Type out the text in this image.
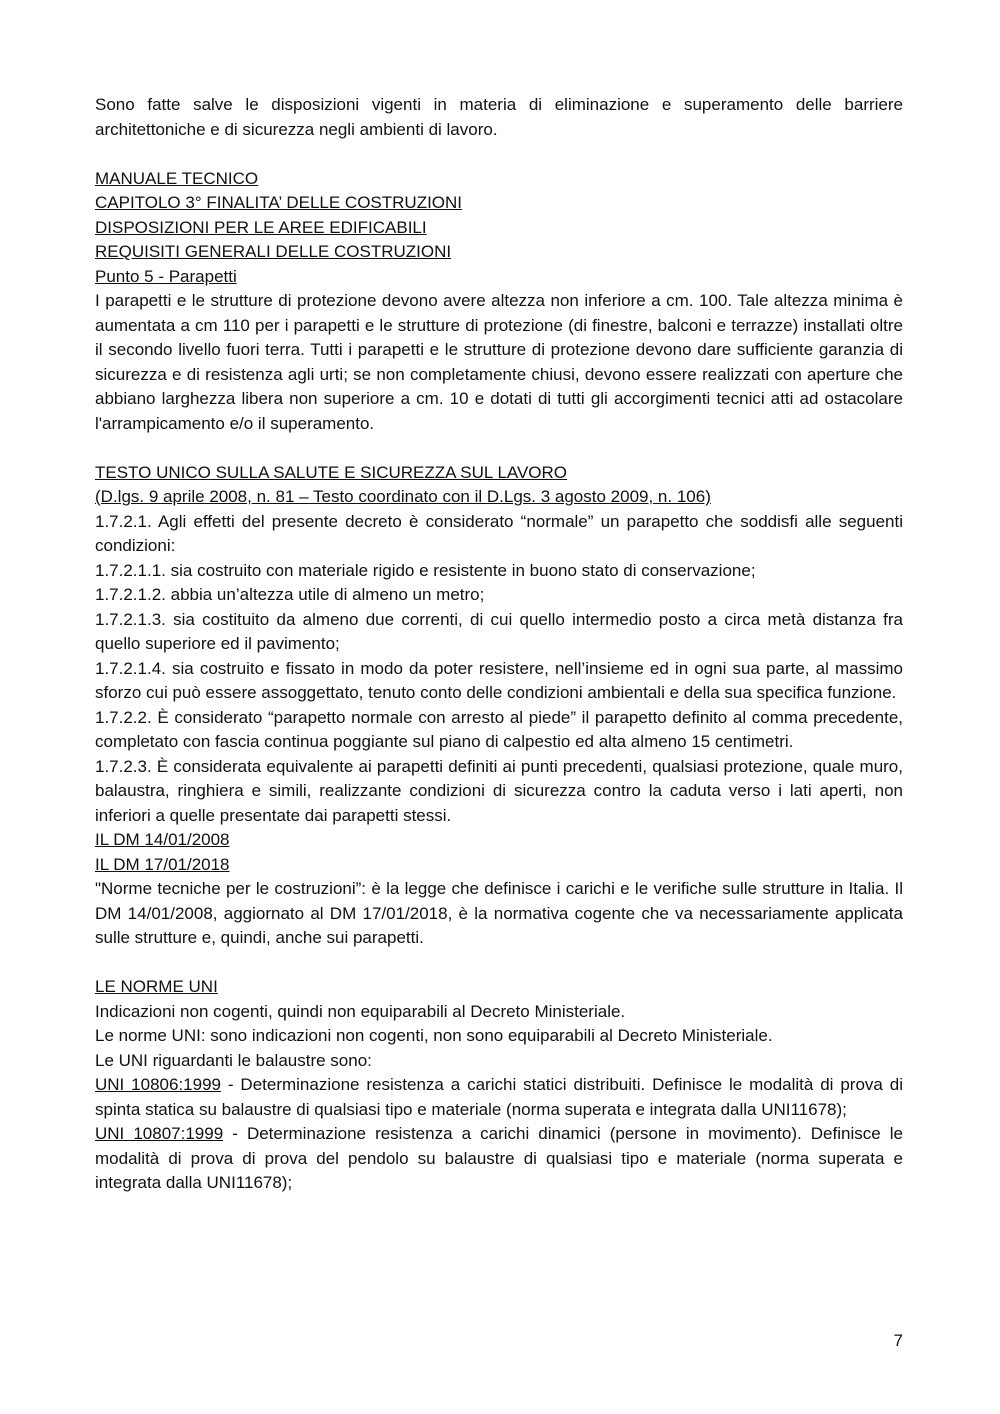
Sono fatte salve le disposizioni vigenti in materia di eliminazione e superamento delle barriere architettoniche e di sicurezza negli ambienti di lavoro.

MANUALE TECNICO

CAPITOLO 3° FINALITA’ DELLE COSTRUZIONI

DISPOSIZIONI PER LE AREE EDIFICABILI

REQUISITI GENERALI DELLE COSTRUZIONI

Punto 5 - Parapetti

I parapetti e le strutture di protezione devono avere altezza non inferiore a cm. 100. Tale altezza minima è aumentata a cm 110 per i parapetti e le strutture di protezione (di finestre, balconi e terrazze) installati oltre il secondo livello fuori terra. Tutti i parapetti e le strutture di protezione devono dare sufficiente garanzia di sicurezza e di resistenza agli urti; se non completamente chiusi, devono essere realizzati con aperture che abbiano larghezza libera non superiore a cm. 10 e dotati di tutti gli accorgimenti tecnici atti ad ostacolare l'arrampicamento e/o il superamento.

TESTO UNICO SULLA SALUTE E SICUREZZA SUL LAVORO

(D.lgs. 9 aprile 2008, n. 81 – Testo coordinato con il D.Lgs. 3 agosto 2009, n. 106)

1.7.2.1. Agli effetti del presente decreto è considerato “normale” un parapetto che soddisfi alle seguenti condizioni:

1.7.2.1.1. sia costruito con materiale rigido e resistente in buono stato di conservazione;

1.7.2.1.2. abbia un’altezza utile di almeno un metro;

1.7.2.1.3. sia costituito da almeno due correnti, di cui quello intermedio posto a circa metà distanza fra quello superiore ed il pavimento;

1.7.2.1.4. sia costruito e fissato in modo da poter resistere, nell’insieme ed in ogni sua parte, al massimo sforzo cui può essere assoggettato, tenuto conto delle condizioni ambientali e della sua specifica funzione.

1.7.2.2. È considerato “parapetto normale con arresto al piede” il parapetto definito al comma precedente, completato con fascia continua poggiante sul piano di calpestio ed alta almeno 15 centimetri.

1.7.2.3. È considerata equivalente ai parapetti definiti ai punti precedenti, qualsiasi protezione, quale muro, balaustra, ringhiera e simili, realizzante condizioni di sicurezza contro la caduta verso i lati aperti, non inferiori a quelle presentate dai parapetti stessi.

IL DM 14/01/2008

IL DM 17/01/2018

"Norme tecniche per le costruzioni”: è la legge che definisce i carichi e le verifiche sulle strutture in Italia. Il DM 14/01/2008, aggiornato al DM 17/01/2018, è la normativa cogente che va necessariamente applicata sulle strutture e, quindi, anche sui parapetti.

LE NORME UNI

Indicazioni non cogenti, quindi non equiparabili al Decreto Ministeriale.

Le norme UNI: sono indicazioni non cogenti, non sono equiparabili al Decreto Ministeriale.

Le UNI riguardanti le balaustre sono:

UNI 10806:1999 - Determinazione resistenza a carichi statici distribuiti. Definisce le modalità di prova di spinta statica su balaustre di qualsiasi tipo e materiale (norma superata e integrata dalla UNI11678);

UNI 10807:1999 - Determinazione resistenza a carichi dinamici (persone in movimento). Definisce le modalità di prova di prova del pendolo su balaustre di qualsiasi tipo e materiale (norma superata e integrata dalla UNI11678);

7
